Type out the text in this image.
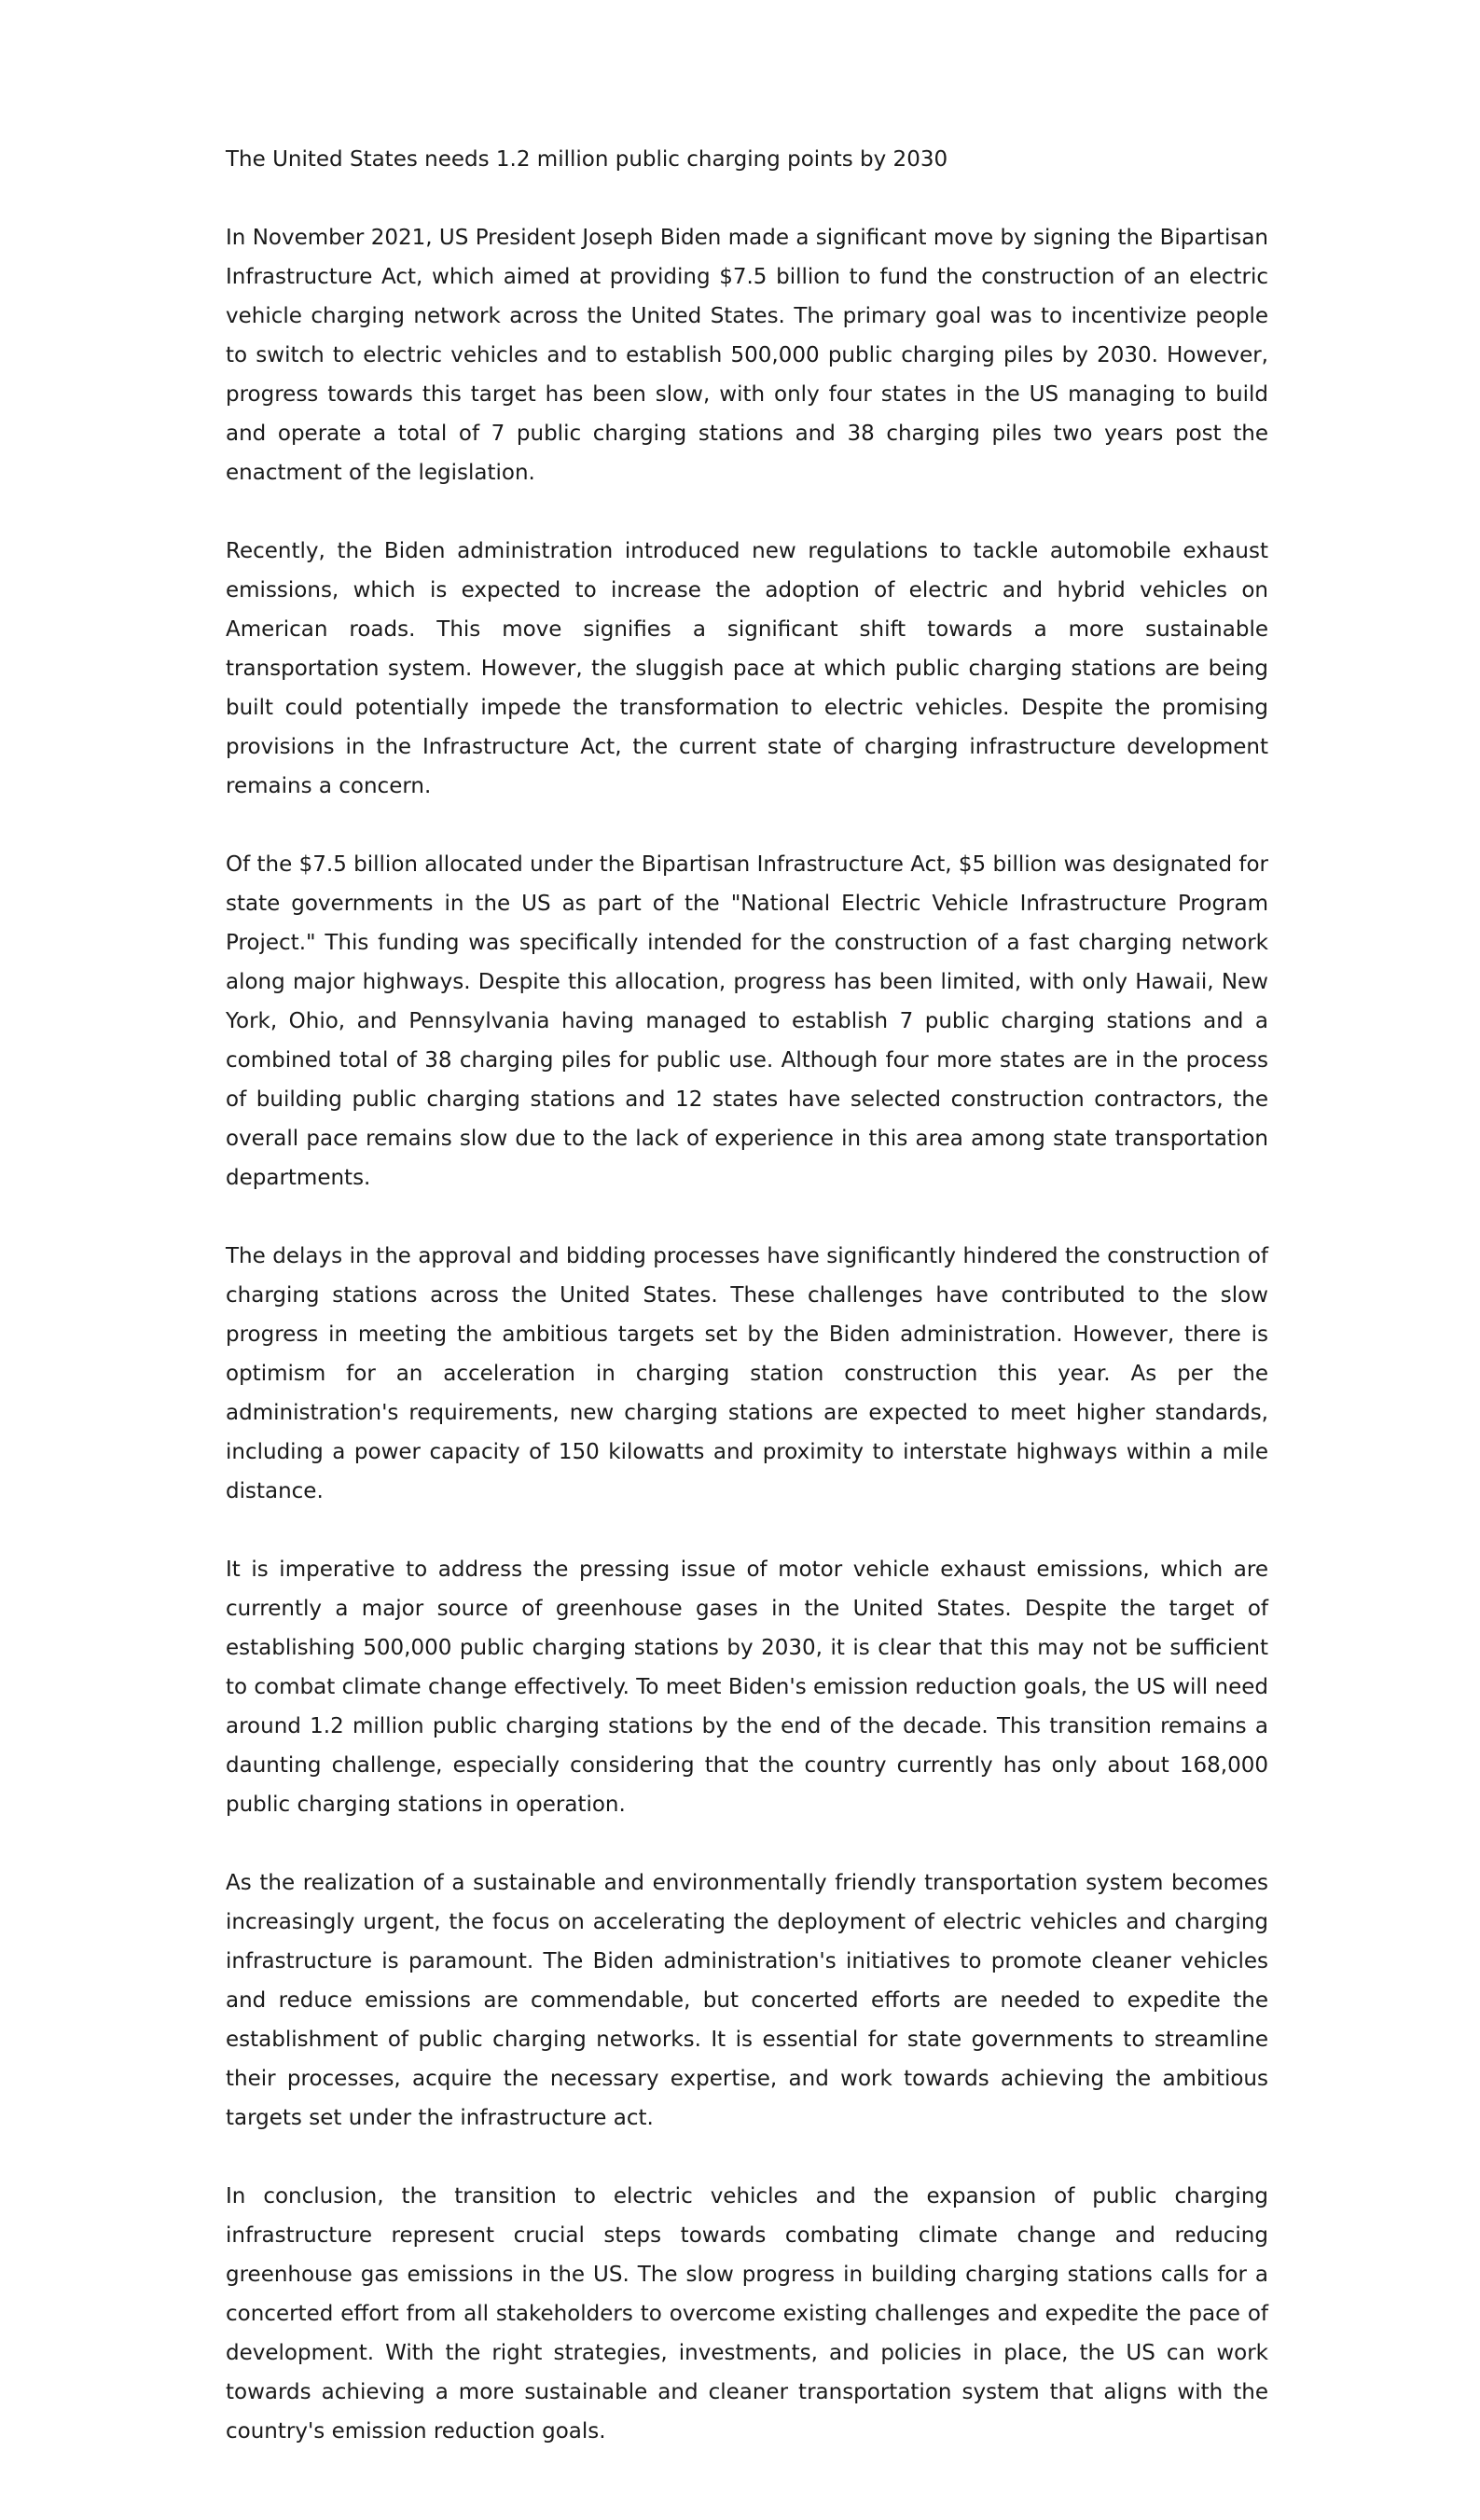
The United States needs 1.2 million public charging points by 2030

In November 2021, US President Joseph Biden made a significant move by signing the Bipartisan Infrastructure Act, which aimed at providing $7.5 billion to fund the construction of an electric vehicle charging network across the United States. The primary goal was to incentivize people to switch to electric vehicles and to establish 500,000 public charging piles by 2030. However, progress towards this target has been slow, with only four states in the US managing to build and operate a total of 7 public charging stations and 38 charging piles two years post the enactment of the legislation.

Recently, the Biden administration introduced new regulations to tackle automobile exhaust emissions, which is expected to increase the adoption of electric and hybrid vehicles on American roads. This move signifies a significant shift towards a more sustainable transportation system. However, the sluggish pace at which public charging stations are being built could potentially impede the transformation to electric vehicles. Despite the promising provisions in the Infrastructure Act, the current state of charging infrastructure development remains a concern.

Of the $7.5 billion allocated under the Bipartisan Infrastructure Act, $5 billion was designated for state governments in the US as part of the "National Electric Vehicle Infrastructure Program Project." This funding was specifically intended for the construction of a fast charging network along major highways. Despite this allocation, progress has been limited, with only Hawaii, New York, Ohio, and Pennsylvania having managed to establish 7 public charging stations and a combined total of 38 charging piles for public use. Although four more states are in the process of building public charging stations and 12 states have selected construction contractors, the overall pace remains slow due to the lack of experience in this area among state transportation departments.

The delays in the approval and bidding processes have significantly hindered the construction of charging stations across the United States. These challenges have contributed to the slow progress in meeting the ambitious targets set by the Biden administration. However, there is optimism for an acceleration in charging station construction this year. As per the administration's requirements, new charging stations are expected to meet higher standards, including a power capacity of 150 kilowatts and proximity to interstate highways within a mile distance.

It is imperative to address the pressing issue of motor vehicle exhaust emissions, which are currently a major source of greenhouse gases in the United States. Despite the target of establishing 500,000 public charging stations by 2030, it is clear that this may not be sufficient to combat climate change effectively. To meet Biden's emission reduction goals, the US will need around 1.2 million public charging stations by the end of the decade. This transition remains a daunting challenge, especially considering that the country currently has only about 168,000 public charging stations in operation.

As the realization of a sustainable and environmentally friendly transportation system becomes increasingly urgent, the focus on accelerating the deployment of electric vehicles and charging infrastructure is paramount. The Biden administration's initiatives to promote cleaner vehicles and reduce emissions are commendable, but concerted efforts are needed to expedite the establishment of public charging networks. It is essential for state governments to streamline their processes, acquire the necessary expertise, and work towards achieving the ambitious targets set under the infrastructure act.

In conclusion, the transition to electric vehicles and the expansion of public charging infrastructure represent crucial steps towards combating climate change and reducing greenhouse gas emissions in the US. The slow progress in building charging stations calls for a concerted effort from all stakeholders to overcome existing challenges and expedite the pace of development. With the right strategies, investments, and policies in place, the US can work towards achieving a more sustainable and cleaner transportation system that aligns with the country's emission reduction goals.
